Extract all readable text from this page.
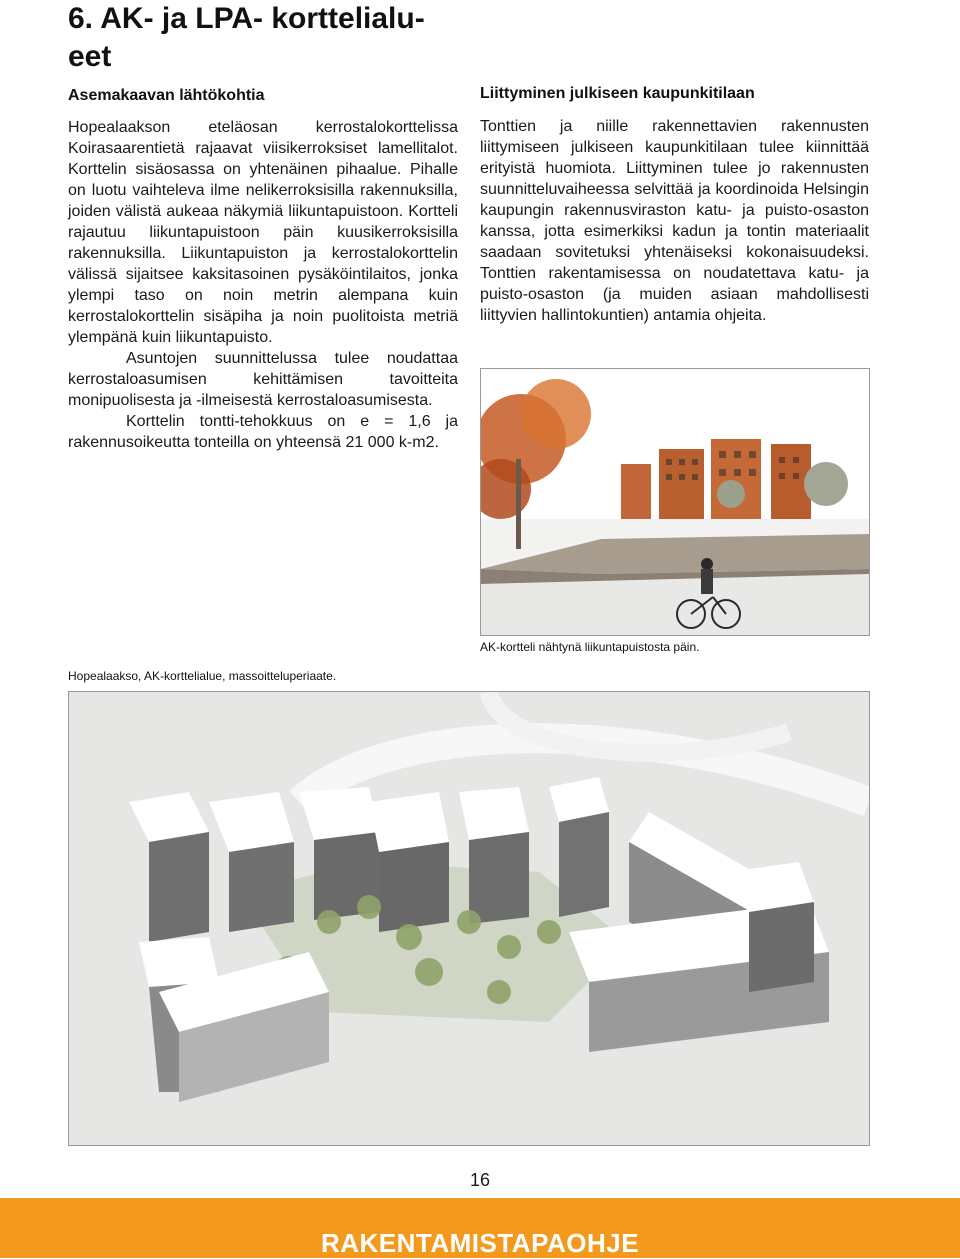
6. AK- ja LPA- korttelialu-
eet
Asemakaavan lähtökohtia

Hopealaakson eteläosan kerrostalokorttelissa Koirasaarentietä rajaavat viisikerroksiset lamellitalot. Korttelin sisäosassa on yhtenäinen pihaalue. Pihalle on luotu vaihteleva ilme nelikerroksisilla rakennuksilla, joiden välistä aukeaa näkymiä liikuntapuistoon. Kortteli rajautuu liikuntapuistoon päin kuusikerroksisilla rakennuksilla. Liikuntapuiston ja kerrostalokorttelin välissä sijaitsee kaksitasoinen pysäköintilaitos, jonka ylempi taso on noin metrin alempana kuin kerrostalokorttelin sisäpiha ja noin puolitoista metriä ylempänä kuin liikuntapuisto.

Asuntojen suunnittelussa tulee noudattaa kerrostaloasumisen kehittämisen tavoitteita monipuolisesta ja -ilmeisestä kerrostaloasumisesta.

Korttelin tontti-tehokkuus on e = 1,6 ja rakennusoikeutta tonteilla on yhteensä 21 000 k-m2.

Liittyminen julkiseen kaupunkitilaan

Tonttien ja niille rakennettavien rakennusten liittymiseen julkiseen kaupunkitilaan tulee kiinnittää erityistä huomiota. Liittyminen tulee jo rakennusten suunnitteluvaiheessa selvittää ja koordinoida Helsingin kaupungin rakennusviraston katu- ja puisto-osaston kanssa, jotta esimerkiksi kadun ja tontin materiaalit saadaan sovitetuksi yhtenäiseksi kokonaisuudeksi. Tonttien rakentamisessa on noudatettava katu- ja puisto-osaston (ja muiden asiaan mahdollisesti liittyvien hallintokuntien) antamia ohjeita.

AK-kortteli nähtynä liikuntapuistosta päin.

Hopealaakso, AK-korttelialue, massoitteluperiaate.

16
RAKENTAMISTAPAOHJE
